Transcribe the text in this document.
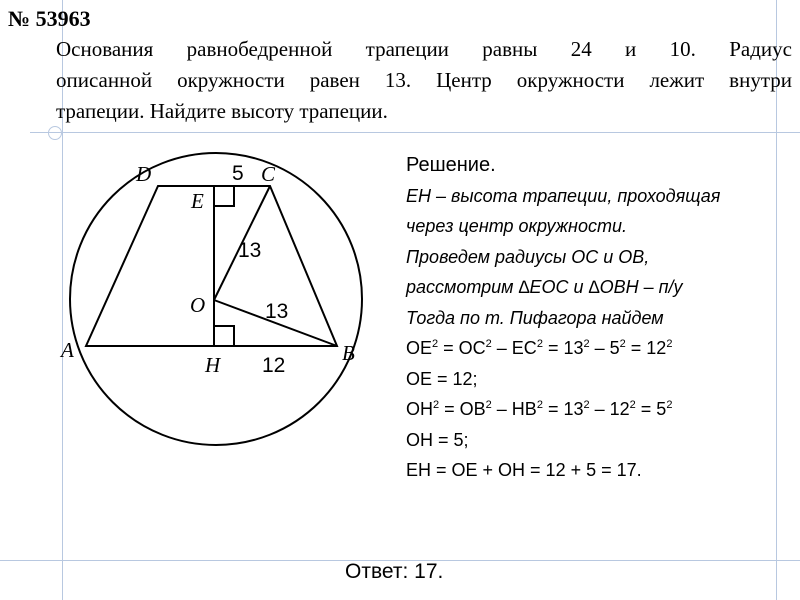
№ 53963

Основания равнобедренной трапеции равны 24 и 10. Радиус
описанной окружности равен 13. Центр окружности лежит внутри
трапеции. Найдите высоту трапеции.

D	C
E
O
A	B
H
5
13
13
12
Решение.
EH – высота трапеции, проходящая
через центр окружности.
Проведем радиусы OC и OB,
рассмотрим ∆EOC и ∆OBH – п/у
Тогда по т. Пифагора найдем
$OE^2 = OC^2 - EC^2 = 13^2 - 5^2 = 12^2$
OE = 12;
$OH^2 = OB^2 - HB^2 = 13^2 - 12^2 = 5^2$
OH = 5;
EH = OE + OH = 12 + 5 = 17.

Ответ: 17.
